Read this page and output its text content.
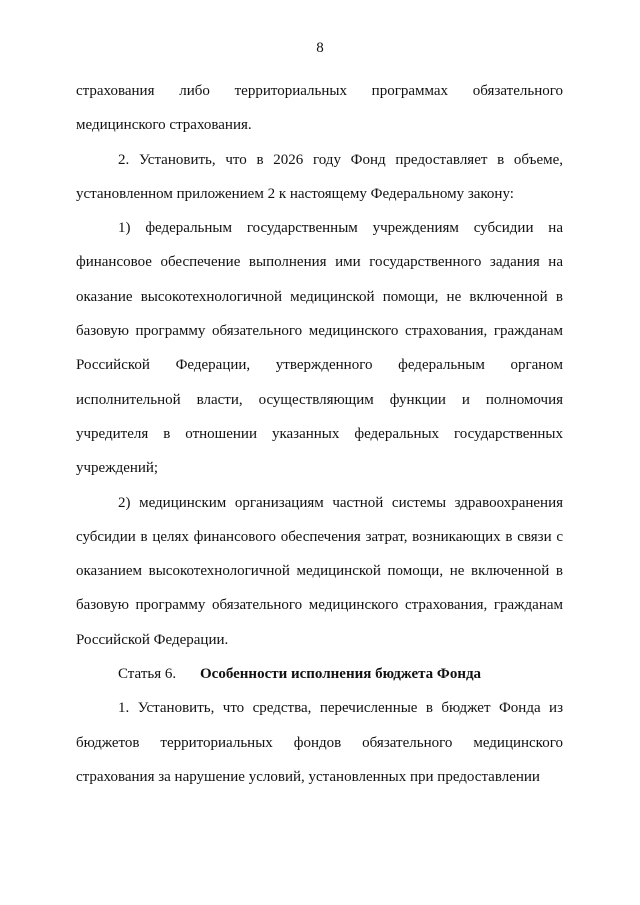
8

страхования либо территориальных программах обязательного медицинского страхования.

2. Установить, что в 2026 году Фонд предоставляет в объеме, установленном приложением 2 к настоящему Федеральному закону:

1) федеральным государственным учреждениям субсидии на финансовое обеспечение выполнения ими государственного задания на оказание высокотехнологичной медицинской помощи, не включенной в базовую программу обязательного медицинского страхования, гражданам Российской Федерации, утвержденного федеральным органом исполнительной власти, осуществляющим функции и полномочия учредителя в отношении указанных федеральных государственных учреждений;

2) медицинским организациям частной системы здравоохранения субсидии в целях финансового обеспечения затрат, возникающих в связи с оказанием высокотехнологичной медицинской помощи, не включенной в базовую программу обязательного медицинского страхования, гражданам Российской Федерации.

Статья 6. Особенности исполнения бюджета Фонда

1. Установить, что средства, перечисленные в бюджет Фонда из бюджетов территориальных фондов обязательного медицинского страхования за нарушение условий, установленных при предоставлении
